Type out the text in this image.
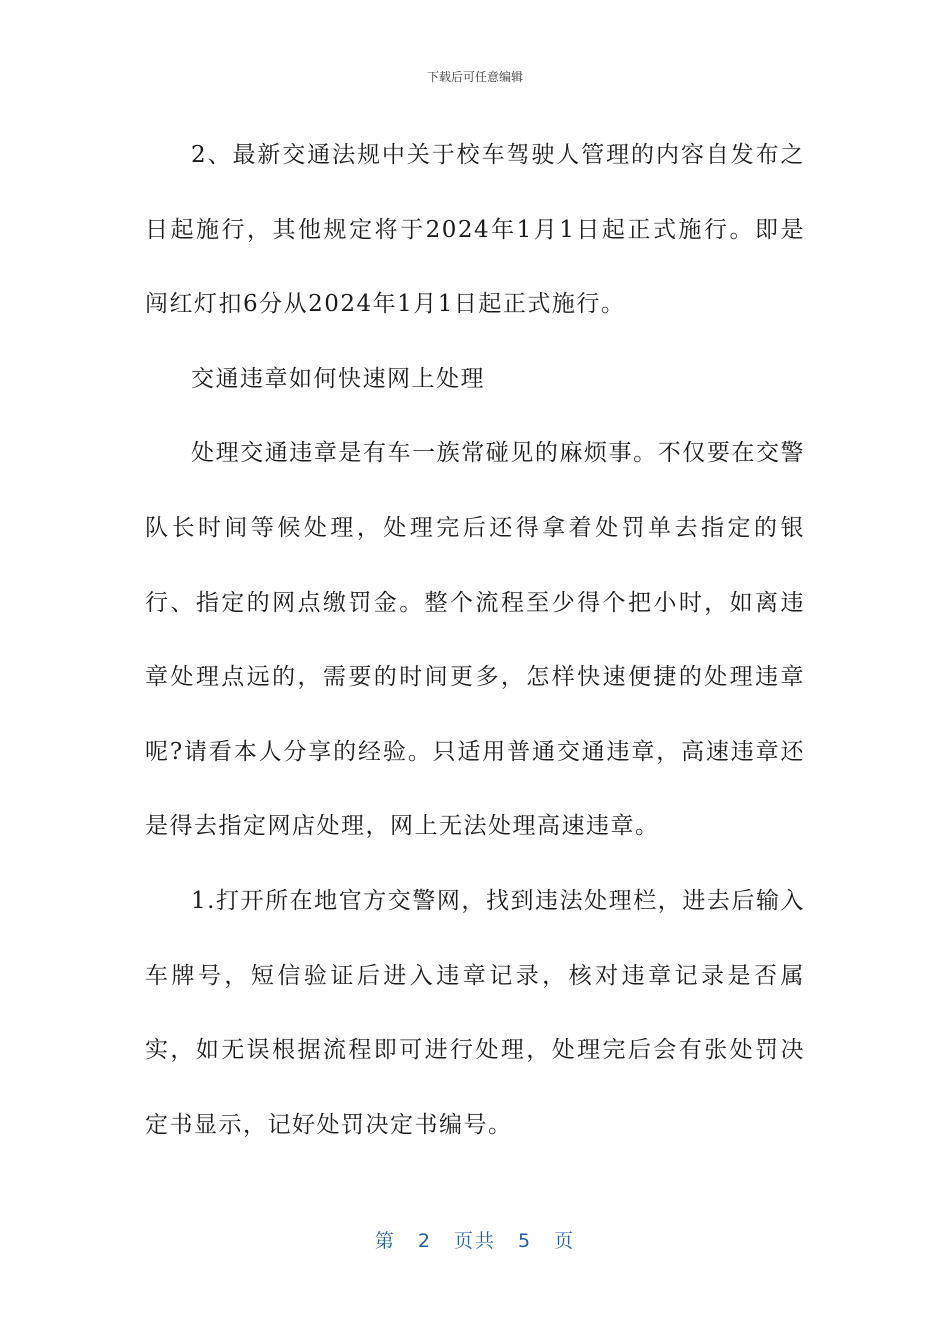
下载后可任意编辑

2、最新交通法规中关于校车驾驶人管理的内容自发布之日起施行，其他规定将于2024年1月1日起正式施行。即是闯红灯扣6分从2024年1月1日起正式施行。

交通违章如何快速网上处理

处理交通违章是有车一族常碰见的麻烦事。不仅要在交警队长时间等候处理，处理完后还得拿着处罚单去指定的银行、指定的网点缴罚金。整个流程至少得个把小时，如离违章处理点远的，需要的时间更多，怎样快速便捷的处理违章呢?请看本人分享的经验。只适用普通交通违章，高速违章还是得去指定网店处理，网上无法处理高速违章。

1.打开所在地官方交警网，找到违法处理栏，进去后输入车牌号，短信验证后进入违章记录，核对违章记录是否属实，如无误根据流程即可进行处理，处理完后会有张处罚决定书显示，记好处罚决定书编号。

第 2 页共 5 页
